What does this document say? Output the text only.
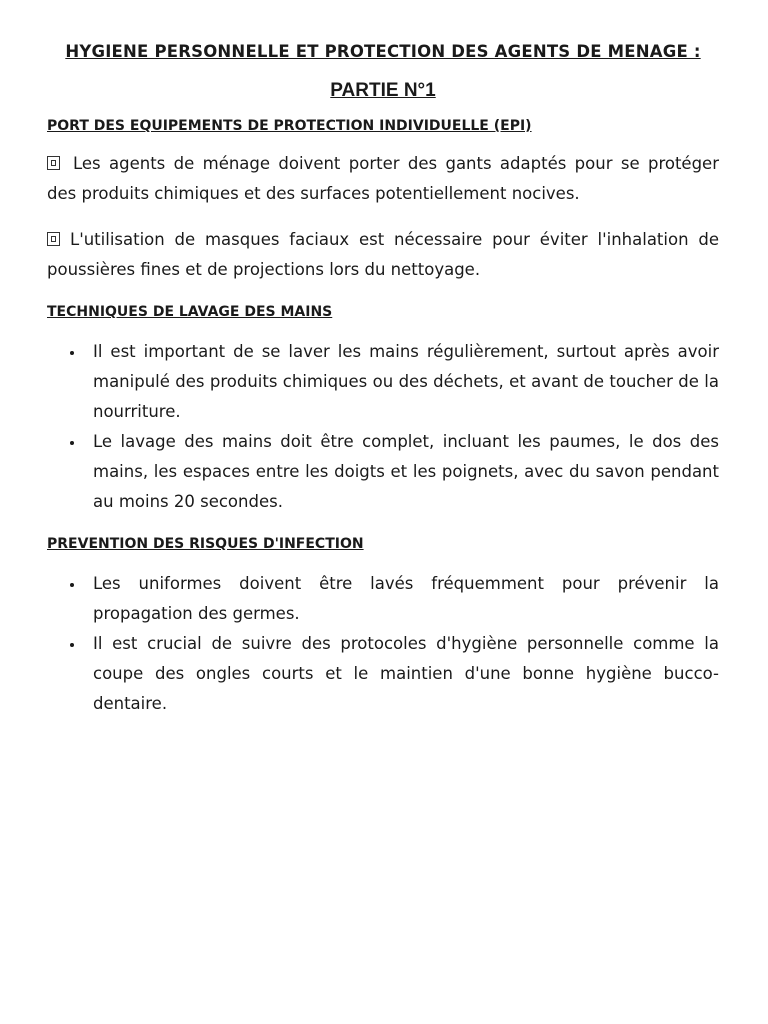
HYGIENE PERSONNELLE ET PROTECTION DES AGENTS DE MENAGE :
PARTIE N°1
PORT DES EQUIPEMENTS DE PROTECTION INDIVIDUELLE (EPI)

Les agents de ménage doivent porter des gants adaptés pour se protéger des produits chimiques et des surfaces potentiellement nocives.

L'utilisation de masques faciaux est nécessaire pour éviter l'inhalation de poussières fines et de projections lors du nettoyage.

TECHNIQUES DE LAVAGE DES MAINS
Il est important de se laver les mains régulièrement, surtout après avoir manipulé des produits chimiques ou des déchets, et avant de toucher de la nourriture.
Le lavage des mains doit être complet, incluant les paumes, le dos des mains, les espaces entre les doigts et les poignets, avec du savon pendant au moins 20 secondes.
PREVENTION DES RISQUES D'INFECTION
Les uniformes doivent être lavés fréquemment pour prévenir la propagation des germes.
Il est crucial de suivre des protocoles d'hygiène personnelle comme la coupe des ongles courts et le maintien d'une bonne hygiène bucco-dentaire.
